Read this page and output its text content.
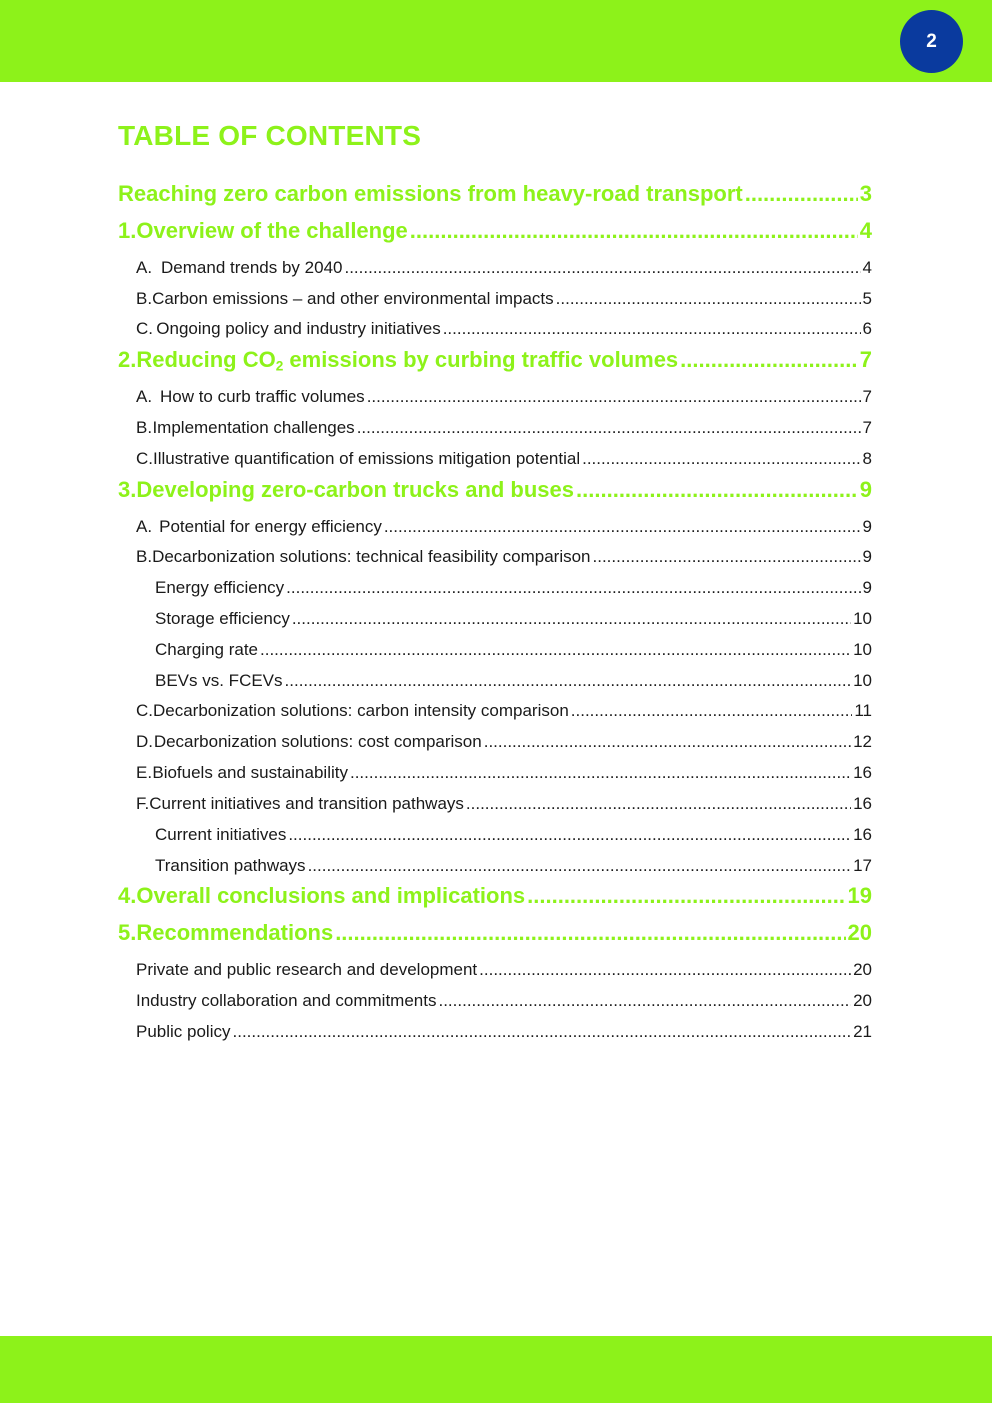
2
TABLE OF CONTENTS
Reaching zero carbon emissions from heavy-road transport .....	3
1. Overview of the challenge .....	4
A. Demand trends by 2040 .....	4
B. Carbon emissions – and other environmental impacts .....	5
C. Ongoing policy and industry initiatives .....	6
2. Reducing $CO_2$ emissions by curbing traffic volumes .....	7
A. How to curb traffic volumes .....	7
B. Implementation challenges .....	7
C. Illustrative quantification of emissions mitigation potential .....	8
3. Developing zero-carbon trucks and buses .....	9
A. Potential for energy efficiency .....	9
B. Decarbonization solutions: technical feasibility comparison .....	9
Energy efficiency .....	9
Storage efficiency .....	10
Charging rate .....	10
BEVs vs. FCEVs .....	10
C. Decarbonization solutions: carbon intensity comparison .....	11
D. Decarbonization solutions: cost comparison .....	12
E. Biofuels and sustainability .....	16
F. Current initiatives and transition pathways .....	16
Current initiatives .....	16
Transition pathways .....	17
4. Overall conclusions and implications .....	19
5. Recommendations .....	20
Private and public research and development .....	20
Industry collaboration and commitments .....	20
Public policy .....	21
